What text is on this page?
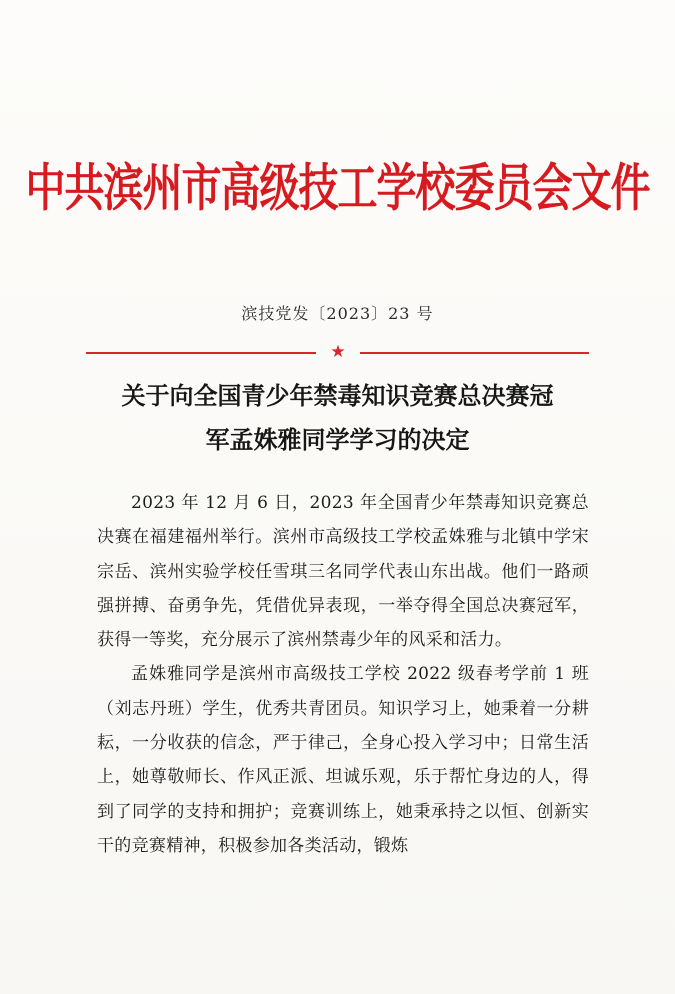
中共滨州市高级技工学校委员会文件
滨技党发〔2023〕23 号
★
关于向全国青少年禁毒知识竞赛总决赛冠
军孟姝雅同学学习的决定

2023 年 12 月 6 日，2023 年全国青少年禁毒知识竞赛总决赛在福建福州举行。滨州市高级技工学校孟姝雅与北镇中学宋宗岳、滨州实验学校任雪琪三名同学代表山东出战。他们一路顽强拼搏、奋勇争先，凭借优异表现，一举夺得全国总决赛冠军，获得一等奖，充分展示了滨州禁毒少年的风采和活力。

孟姝雅同学是滨州市高级技工学校 2022 级春考学前 1 班（刘志丹班）学生，优秀共青团员。知识学习上，她秉着一分耕耘，一分收获的信念，严于律己，全身心投入学习中；日常生活上，她尊敬师长、作风正派、坦诚乐观，乐于帮忙身边的人，得到了同学的支持和拥护；竞赛训练上，她秉承持之以恒、创新实干的竞赛精神，积极参加各类活动，锻炼
